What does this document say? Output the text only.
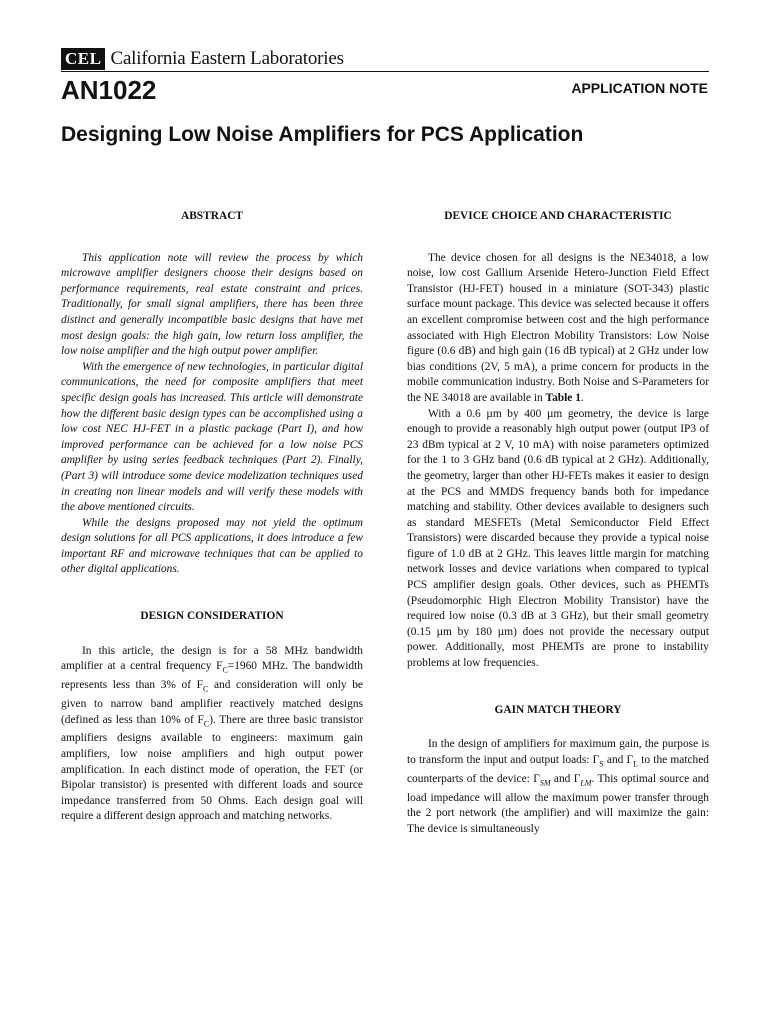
CEL California Eastern Laboratories
AN1022	APPLICATION NOTE
Designing Low Noise Amplifiers for PCS Application
ABSTRACT

This application note will review the process by which microwave amplifier designers choose their designs based on performance requirements, real estate constraint and prices. Traditionally, for small signal amplifiers, there has been three distinct and generally incompatible basic designs that have met most design goals: the high gain, low return loss amplifier, the low noise amplifier and the high output power amplifier.

With the emergence of new technologies, in particular digital communications, the need for composite amplifiers that meet specific design goals has increased. This article will demonstrate how the different basic design types can be accomplished using a low cost NEC HJ-FET in a plastic package (Part I), and how improved performance can be achieved for a low noise PCS amplifier by using series feedback techniques (Part 2). Finally, (Part 3) will introduce some device modelization techniques used in creating non linear models and will verify these models with the above mentioned circuits.

While the designs proposed may not yield the optimum design solutions for all PCS applications, it does introduce a few important RF and microwave techniques that can be applied to other digital applications.

DESIGN CONSIDERATION

In this article, the design is for a 58 MHz bandwidth amplifier at a central frequency $F_C=1960$ MHz. The bandwidth represents less than 3% of $F_C$ and consideration will only be given to narrow band amplifier reactively matched designs (defined as less than 10% of $F_C$). There are three basic transistor amplifiers designs available to engineers: maximum gain amplifiers, low noise amplifiers and high output power amplification. In each distinct mode of operation, the FET (or Bipolar transistor) is presented with different loads and source impedance transferred from 50 Ohms. Each design goal will require a different design approach and matching networks.

DEVICE CHOICE AND CHARACTERISTIC

The device chosen for all designs is the NE34018, a low noise, low cost Gallium Arsenide Hetero-Junction Field Effect Transistor (HJ-FET) housed in a miniature (SOT-343) plastic surface mount package. This device was selected because it offers an excellent compromise between cost and the high performance associated with High Electron Mobility Transistors: Low Noise figure (0.6 dB) and high gain (16 dB typical) at 2 GHz under low bias conditions (2V, 5 mA), a prime concern for products in the mobile communication industry. Both Noise and S-Parameters for the NE 34018 are available in Table 1.

With a 0.6 µm by 400 µm geometry, the device is large enough to provide a reasonably high output power (output IP3 of 23 dBm typical at 2 V, 10 mA) with noise parameters optimized for the 1 to 3 GHz band (0.6 dB typical at 2 GHz). Additionally, the geometry, larger than other HJ-FETs makes it easier to design at the PCS and MMDS frequency bands both for impedance matching and stability. Other devices available to designers such as standard MESFETs (Metal Semiconductor Field Effect Transistors) were discarded because they provide a typical noise figure of 1.0 dB at 2 GHz. This leaves little margin for matching network losses and device variations when compared to typical PCS amplifier design goals. Other devices, such as PHEMTs (Pseudomorphic High Electron Mobility Transistor) have the required low noise (0.3 dB at 3 GHz), but their small geometry (0.15 µm by 180 µm) does not provide the necessary output power. Additionally, most PHEMTs are prone to instability problems at low frequencies.

GAIN MATCH THEORY

In the design of amplifiers for maximum gain, the purpose is to transform the input and output loads: $\Gamma_S$ and $\Gamma_L$ to the matched counterparts of the device: $\Gamma_{SM}$ and $\Gamma_{LM}$. This optimal source and load impedance will allow the maximum power transfer through the 2 port network (the amplifier) and will maximize the gain: The device is simultaneously
